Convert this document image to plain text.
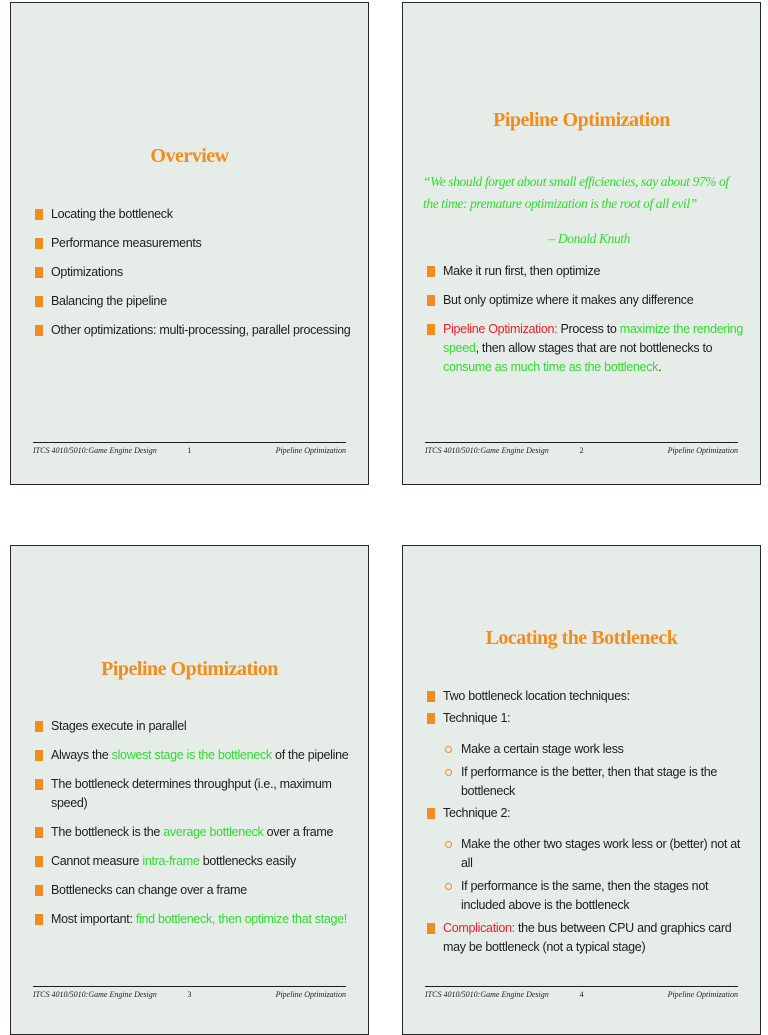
Overview
Locating the bottleneck
Performance measurements
Optimizations
Balancing the pipeline
Other optimizations: multi-processing, parallel processing
ITCS 4010/5010:Game Engine Design	1	Pipeline Optimization
Pipeline Optimization
“We should forget about small efficiencies, say about 97% of the time: premature optimization is the root of all evil”
– Donald Knuth
Make it run first, then optimize
But only optimize where it makes any difference
Pipeline Optimization: Process to maximize the rendering speed, then allow stages that are not bottlenecks to consume as much time as the bottleneck.
ITCS 4010/5010:Game Engine Design	2	Pipeline Optimization
Pipeline Optimization
Stages execute in parallel
Always the slowest stage is the bottleneck of the pipeline
The bottleneck determines throughput (i.e., maximum speed)
The bottleneck is the average bottleneck over a frame
Cannot measure intra-frame bottlenecks easily
Bottlenecks can change over a frame
Most important: find bottleneck, then optimize that stage!
ITCS 4010/5010:Game Engine Design	3	Pipeline Optimization
Locating the Bottleneck
Two bottleneck location techniques:
Technique 1:
Make a certain stage work less
If performance is the better, then that stage is the bottleneck
Technique 2:
Make the other two stages work less or (better) not at all
If performance is the same, then the stages not included above is the bottleneck
Complication: the bus between CPU and graphics card may be bottleneck (not a typical stage)
ITCS 4010/5010:Game Engine Design	4	Pipeline Optimization
